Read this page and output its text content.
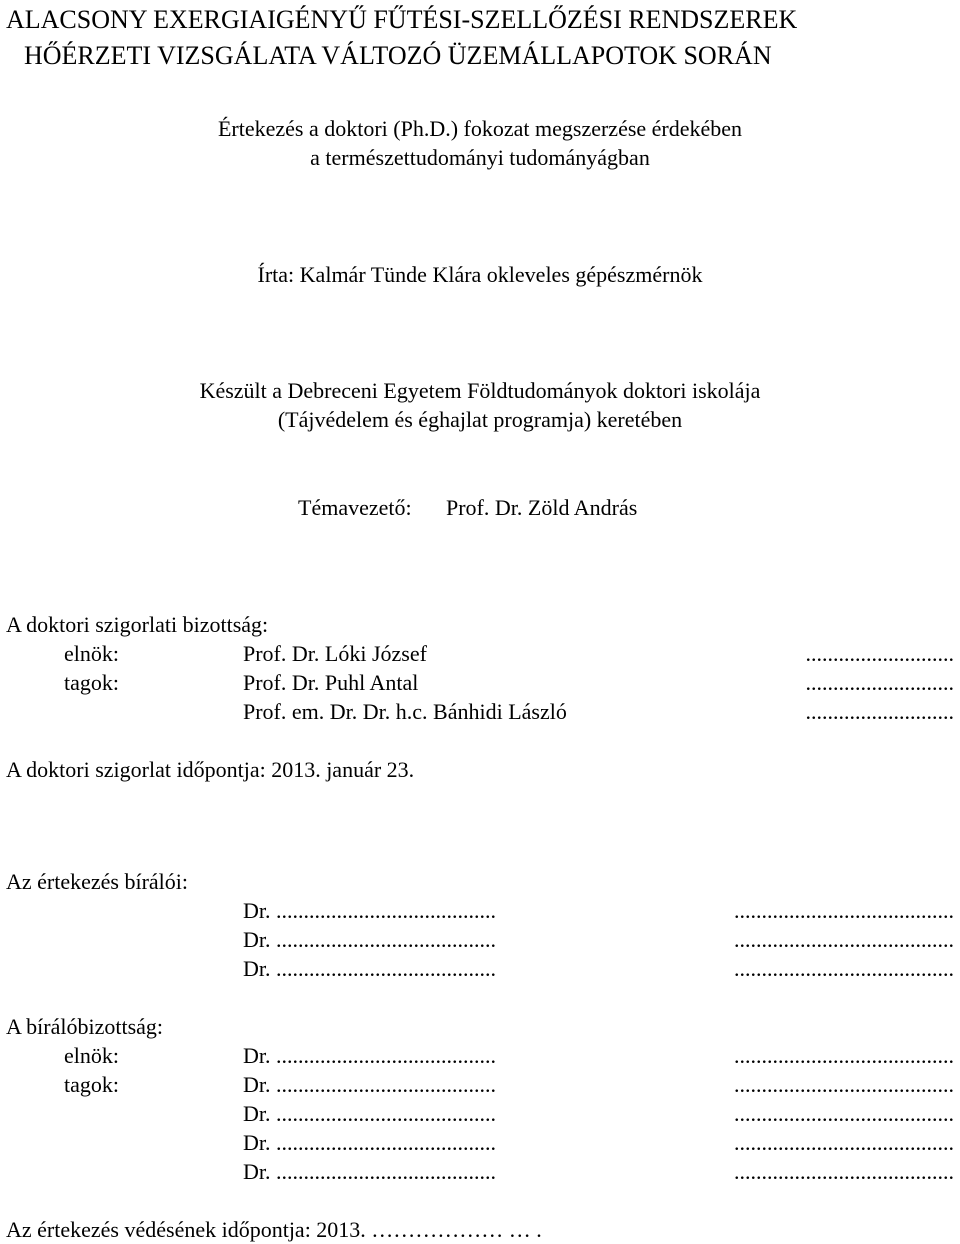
ALACSONY EXERGIAIGÉNYŰ FŰTÉSI-SZELLŐZÉSI RENDSZEREK
HŐÉRZETI VIZSGÁLATA VÁLTOZÓ ÜZEMÁLLAPOTOK SORÁN
Értekezés a doktori (Ph.D.) fokozat megszerzése érdekében
a természettudományi tudományágban
Írta: Kalmár Tünde Klára okleveles gépészmérnök
Készült a Debreceni Egyetem Földtudományok doktori iskolája
(Tájvédelem és éghajlat programja) keretében
Témavezető: Prof. Dr. Zöld András
A doktori szigorlati bizottság:
elnök:	Prof. Dr. Lóki József	...........................
tagok:	Prof. Dr. Puhl Antal	...........................
Prof. em. Dr. Dr. h.c. Bánhidi László	...........................
A doktori szigorlat időpontja: 2013. január 23.
Az értekezés bírálói:
Dr. ........................................	........................................
Dr. ........................................	........................................
Dr. ........................................	........................................
A bírálóbizottság:
elnök:	Dr. ........................................	........................................
tagok:	Dr. ........................................	........................................
Dr. ........................................	........................................
Dr. ........................................	........................................
Dr. ........................................	........................................
Az értekezés védésének időpontja: 2013. ……………… … .
